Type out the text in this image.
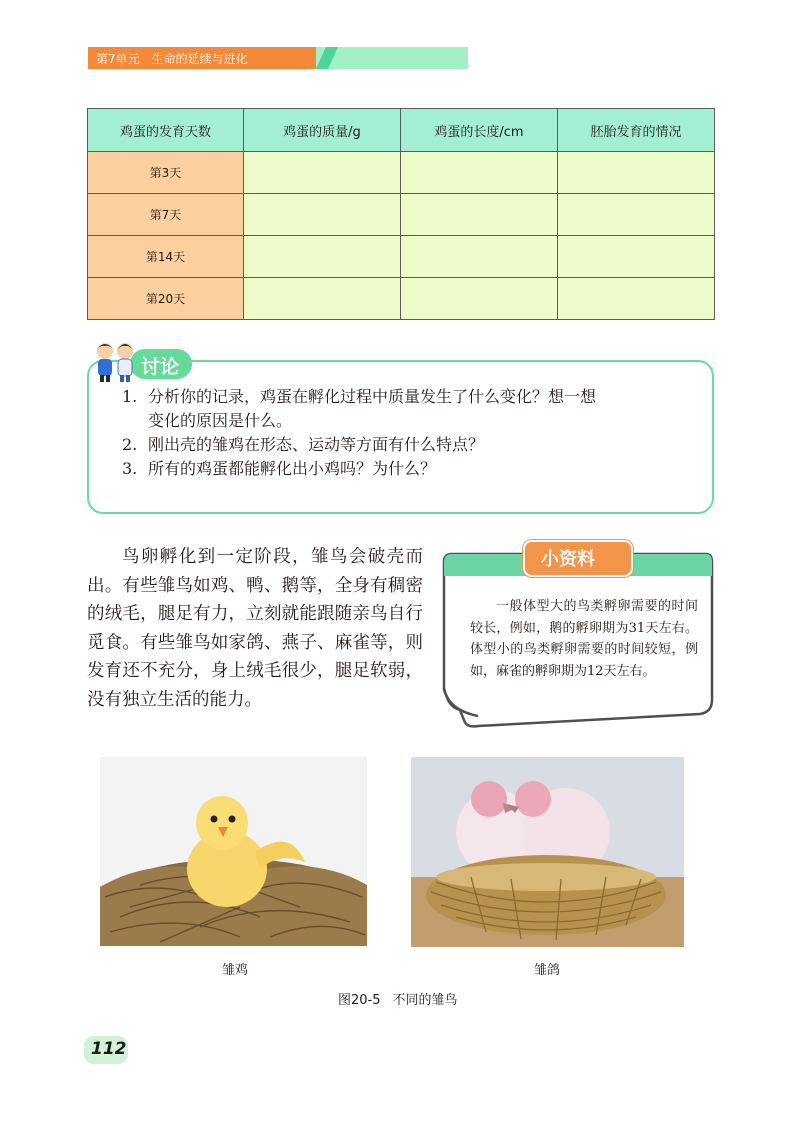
第7单元 生命的延续与进化
鸡蛋的发育天数	鸡蛋的质量/g	鸡蛋的长度/cm	胚胎发育的情况
第3天			
第7天			
第14天			
第20天			
讨论
1. 分析你的记录，鸡蛋在孵化过程中质量发生了什么变化？想一想
变化的原因是什么。
2. 刚出壳的雏鸡在形态、运动等方面有什么特点？
3. 所有的鸡蛋都能孵化出小鸡吗？为什么？

鸟卵孵化到一定阶段，雏鸟会破壳而出。有些雏鸟如鸡、鸭、鹅等，全身有稠密的绒毛，腿足有力，立刻就能跟随亲鸟自行觅食。有些雏鸟如家鸽、燕子、麻雀等，则发育还不充分，身上绒毛很少，腿足软弱，没有独立生活的能力。

小资料

一般体型大的鸟类孵卵需要的时间较长，例如，鹅的孵卵期为31天左右。体型小的鸟类孵卵需要的时间较短，例如，麻雀的孵卵期为12天左右。

雏鸡	雏鸽
图20-5 不同的雏鸟
112
